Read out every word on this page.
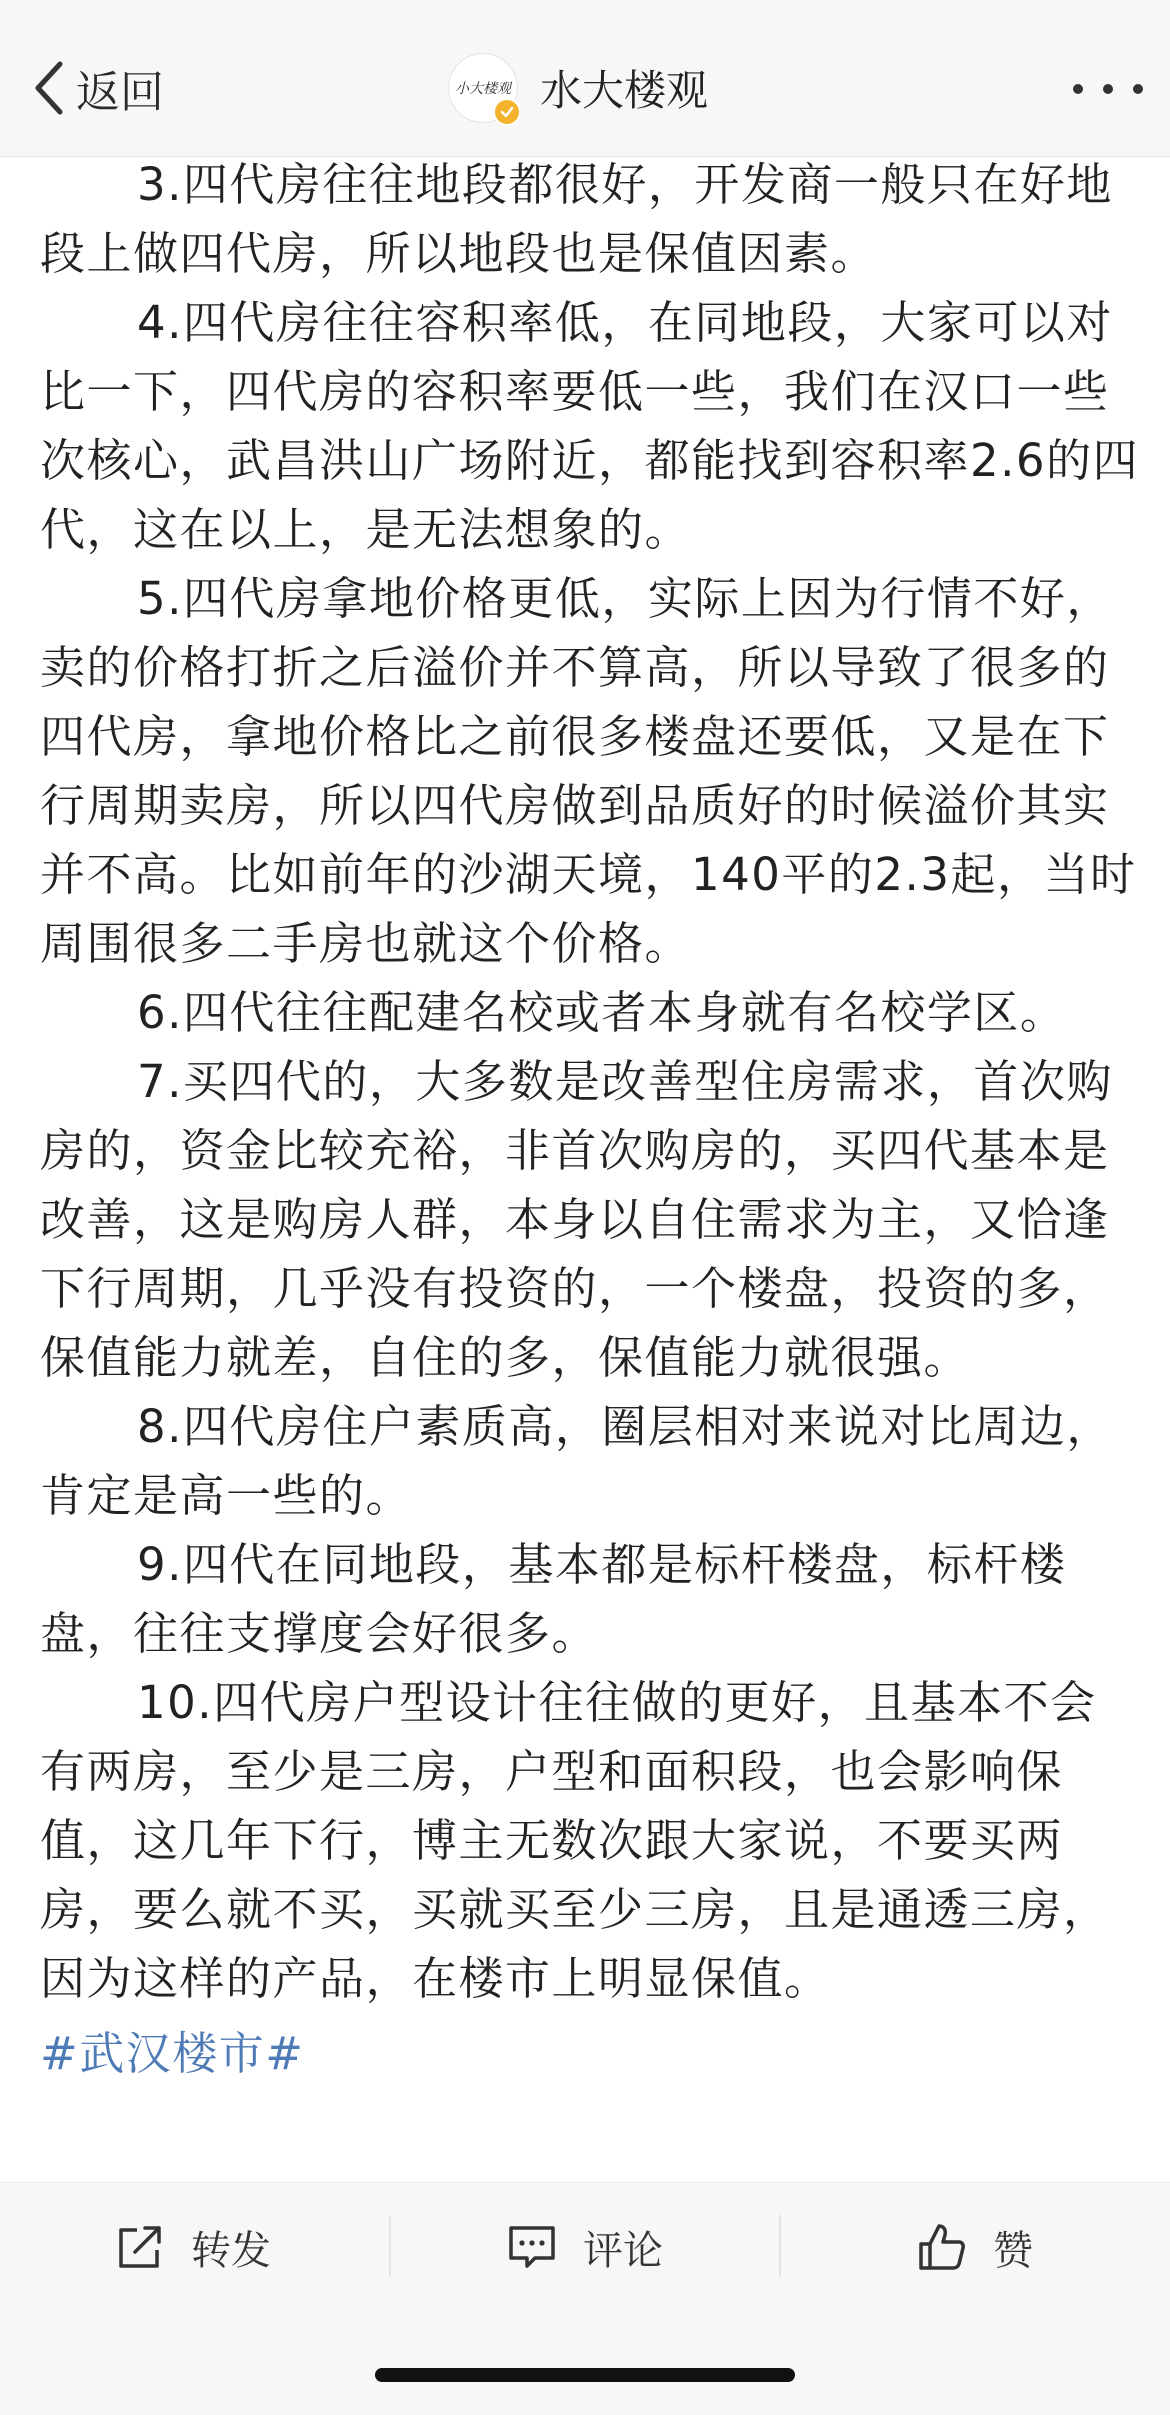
返回	小大楼观 水大楼观

3.四代房往往地段都很好，开发商一般只在好地段上做四代房，所以地段也是保值因素。

4.四代房往往容积率低，在同地段，大家可以对比一下，四代房的容积率要低一些，我们在汉口一些次核心，武昌洪山广场附近，都能找到容积率2.6的四代，这在以上，是无法想象的。

5.四代房拿地价格更低，实际上因为行情不好，卖的价格打折之后溢价并不算高，所以导致了很多的四代房，拿地价格比之前很多楼盘还要低，又是在下行周期卖房，所以四代房做到品质好的时候溢价其实并不高。比如前年的沙湖天境，140平的2.3起，当时周围很多二手房也就这个价格。

6.四代往往配建名校或者本身就有名校学区。

7.买四代的，大多数是改善型住房需求，首次购房的，资金比较充裕，非首次购房的，买四代基本是改善，这是购房人群，本身以自住需求为主，又恰逢下行周期，几乎没有投资的，一个楼盘，投资的多，保值能力就差，自住的多，保值能力就很强。

8.四代房住户素质高，圈层相对来说对比周边，肯定是高一些的。

9.四代在同地段，基本都是标杆楼盘，标杆楼盘，往往支撑度会好很多。

10.四代房户型设计往往做的更好，且基本不会有两房，至少是三房，户型和面积段，也会影响保值，这几年下行，博主无数次跟大家说，不要买两房，要么就不买，买就买至少三房，且是通透三房，因为这样的产品，在楼市上明显保值。

#武汉楼市#
转发	评论	赞
